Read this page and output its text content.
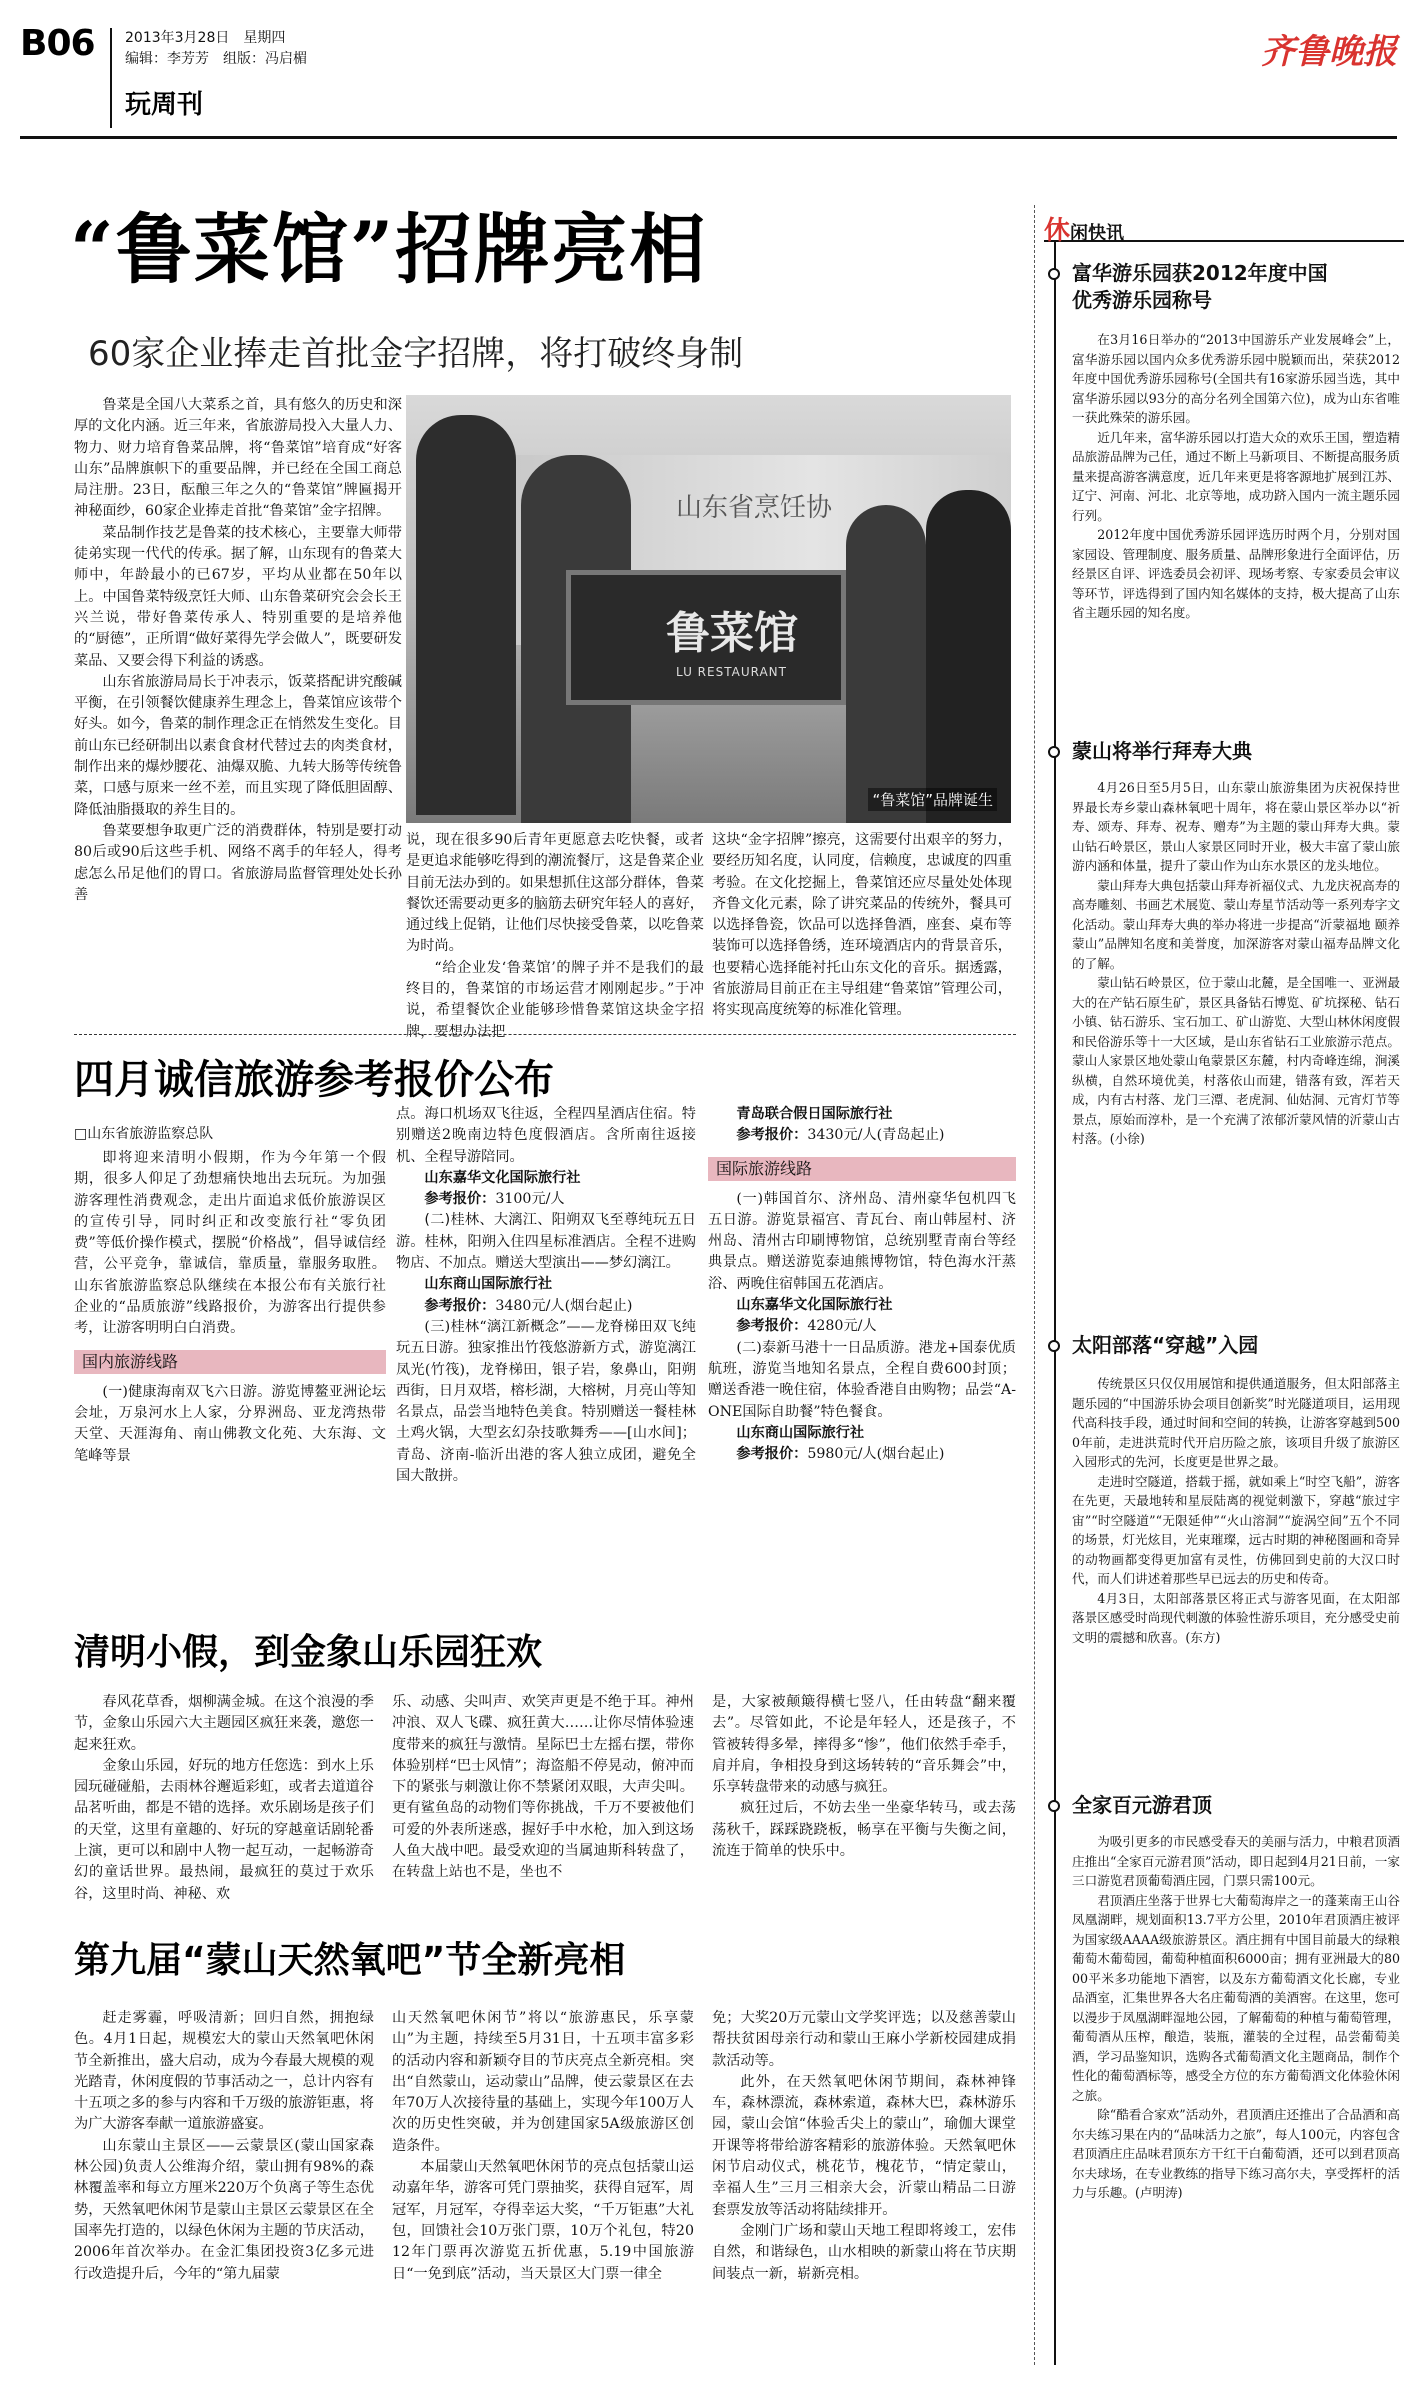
B06 2013年3月28日　星期四
编辑：李芳芳　组版：冯启楣
玩周刊
齐鲁晚报
“鲁菜馆”招牌亮相
60家企业捧走首批金字招牌，将打破终身制

鲁菜是全国八大菜系之首，具有悠久的历史和深厚的文化内涵。近三年来，省旅游局投入大量人力、物力、财力培育鲁菜品牌，将“鲁菜馆”培育成“好客山东”品牌旗帜下的重要品牌，并已经在全国工商总局注册。23日，酝酿三年之久的“鲁菜馆”牌匾揭开神秘面纱，60家企业捧走首批“鲁菜馆”金字招牌。

菜品制作技艺是鲁菜的技术核心，主要靠大师带徒弟实现一代代的传承。据了解，山东现有的鲁菜大师中，年龄最小的已67岁，平均从业都在50年以上。中国鲁菜特级烹饪大师、山东鲁菜研究会会长王兴兰说，带好鲁菜传承人、特别重要的是培养他的“厨德”，正所谓“做好菜得先学会做人”，既要研发菜品、又要会得下利益的诱惑。

山东省旅游局局长于冲表示，饭菜搭配讲究酸碱平衡，在引领餐饮健康养生理念上，鲁菜馆应该带个好头。如今，鲁菜的制作理念正在悄然发生变化。目前山东已经研制出以素食食材代替过去的肉类食材，制作出来的爆炒腰花、油爆双脆、九转大肠等传统鲁菜，口感与原来一丝不差，而且实现了降低胆固醇、降低油脂摄取的养生目的。

鲁菜要想争取更广泛的消费群体，特别是要打动80后或90后这些手机、网络不离手的年轻人，得考虑怎么吊足他们的胃口。省旅游局监督管理处处长孙善

山东省烹饪协
鲁菜馆
LU RESTAURANT
“鲁菜馆”品牌诞生

说，现在很多90后青年更愿意去吃快餐，或者是更追求能够吃得到的潮流餐厅，这是鲁菜企业目前无法办到的。如果想抓住这部分群体，鲁菜餐饮还需要动更多的脑筋去研究年轻人的喜好，通过线上促销，让他们尽快接受鲁菜，以吃鲁菜为时尚。

“给企业发‘鲁菜馆’的牌子并不是我们的最终目的，鲁菜馆的市场运营才刚刚起步。”于冲说，希望餐饮企业能够珍惜鲁菜馆这块金字招牌，要想办法把

这块“金字招牌”擦亮，这需要付出艰辛的努力，要经历知名度，认同度，信赖度，忠诚度的四重考验。在文化挖掘上，鲁菜馆还应尽量处处体现齐鲁文化元素，除了讲究菜品的传统外，餐具可以选择鲁瓷，饮品可以选择鲁酒，座套、桌布等装饰可以选择鲁绣，连环境酒店内的背景音乐，也要精心选择能衬托山东文化的音乐。据透露，省旅游局目前正在主导组建“鲁菜馆”管理公司，将实现高度统筹的标准化管理。

四月诚信旅游参考报价公布
□山东省旅游监察总队

即将迎来清明小假期，作为今年第一个假期，很多人仰足了劲想痛快地出去玩玩。为加强游客理性消费观念，走出片面追求低价旅游误区的宣传引导，同时纠正和改变旅行社“零负团费”等低价操作模式，摆脱“价格战”，倡导诚信经营，公平竞争，靠诚信，靠质量，靠服务取胜。山东省旅游监察总队继续在本报公布有关旅行社企业的“品质旅游”线路报价，为游客出行提供参考，让游客明明白白消费。

国内旅游线路

(一)健康海南双飞六日游。游览博鳌亚洲论坛会址，万泉河水上人家，分界洲岛、亚龙湾热带天堂、天涯海角、南山佛教文化苑、大东海、文笔峰等景

点。海口机场双飞往返，全程四星酒店住宿。特别赠送2晚南边特色度假酒店。含所南往返接机、全程导游陪同。

山东嘉华文化国际旅行社

参考报价：3100元/人

(二)桂林、大漓江、阳朔双飞至尊纯玩五日游。桂林，阳朔入住四星标准酒店。全程不进购物店、不加点。赠送大型演出——梦幻漓江。

山东商山国际旅行社

参考报价：3480元/人(烟台起止)

(三)桂林“漓江新概念”——龙脊梯田双飞纯玩五日游。独家推出竹筏悠游新方式，游览漓江凤光(竹筏)，龙脊梯田，银子岩，象鼻山，阳朔西街，日月双塔，榕杉湖，大榕树，月亮山等知名景点，品尝当地特色美食。特别赠送一餐桂林土鸡火锅，大型玄幻杂技歌舞秀——[山水间]；青岛、济南-临沂出港的客人独立成团，避免全国大散拼。

青岛联合假日国际旅行社

参考报价：3430元/人(青岛起止)

国际旅游线路

(一)韩国首尔、济州岛、清州豪华包机四飞五日游。游览景福宫、青瓦台、南山韩屋村、济州岛、清州古印刷博物馆，总统别墅青南台等经典景点。赠送游览泰迪熊博物馆，特色海水汗蒸浴、两晚住宿韩国五花酒店。

山东嘉华文化国际旅行社

参考报价：4280元/人

(二)泰新马港十一日品质游。港龙+国泰优质航班，游览当地知名景点，全程自费600封顶；赠送香港一晚住宿，体验香港自由购物；品尝“A-ONE国际自助餐”特色餐食。

山东商山国际旅行社

参考报价：5980元/人(烟台起止)

清明小假，到金象山乐园狂欢

春风花草香，烟柳满金城。在这个浪漫的季节，金象山乐园六大主题园区疯狂来袭，邀您一起来狂欢。

金象山乐园，好玩的地方任您选：到水上乐园玩碰碰船，去雨林谷邂逅彩虹，或者去道道谷品茗听曲，都是不错的选择。欢乐剧场是孩子们的天堂，这里有童趣的、好玩的穿越童话剧轮番上演，更可以和剧中人物一起互动，一起畅游奇幻的童话世界。最热闹，最疯狂的莫过于欢乐谷，这里时尚、神秘、欢

乐、动感、尖叫声、欢笑声更是不绝于耳。神州冲浪、双人飞碟、疯狂黄大……让你尽情体验速度带来的疯狂与激情。星际巴士左摇右摆，带你体验别样“巴士风情”；海盗船不停晃动，俯冲而下的紧张与刺激让你不禁紧闭双眼，大声尖叫。更有鲨鱼岛的动物们等你挑战，千万不要被他们可爱的外表所迷惑，握好手中水枪，加入到这场人鱼大战中吧。最受欢迎的当属迪斯科转盘了，在转盘上站也不是，坐也不

是，大家被颠簸得横七竖八，任由转盘“翻来覆去”。尽管如此，不论是年轻人，还是孩子，不管被转得多晕，摔得多“惨”，他们依然手牵手，肩并肩，争相投身到这场转转的“音乐舞会”中，乐享转盘带来的动感与疯狂。

疯狂过后，不妨去坐一坐豪华转马，或去荡荡秋千，踩踩跷跷板，畅享在平衡与失衡之间，流连于简单的快乐中。

第九届“蒙山天然氧吧”节全新亮相

赶走雾霾，呼吸清新；回归自然，拥抱绿色。4月1日起，规模宏大的蒙山天然氧吧休闲节全新推出，盛大启动，成为今春最大规模的观光踏青，休闲度假的节事活动之一，总计内容有十五项之多的参与内容和千万级的旅游钜惠，将为广大游客奉献一道旅游盛宴。

山东蒙山主景区——云蒙景区(蒙山国家森林公园)负责人公维海介绍，蒙山拥有98%的森林覆盖率和每立方厘米220万个负离子等生态优势，天然氧吧休闲节是蒙山主景区云蒙景区在全国率先打造的，以绿色休闲为主题的节庆活动，2006年首次举办。在金汇集团投资3亿多元进行改造提升后，今年的“第九届蒙

山天然氧吧休闲节”将以“旅游惠民，乐享蒙山”为主题，持续至5月31日，十五项丰富多彩的活动内容和新颖夺目的节庆亮点全新亮相。突出“自然蒙山，运动蒙山”品牌，使云蒙景区在去年70万人次接待量的基础上，实现今年100万人次的历史性突破，并为创建国家5A级旅游区创造条件。

本届蒙山天然氧吧休闲节的亮点包括蒙山运动嘉年华，游客可凭门票抽奖，获得自冠军，周冠军，月冠军，夺得幸运大奖，“千万钜惠”大礼包，回馈社会10万张门票，10万个礼包，特2012年门票再次游览五折优惠，5.19中国旅游日“一免到底”活动，当天景区大门票一律全

免；大奖20万元蒙山文学奖评选；以及慈善蒙山帮扶贫困母亲行动和蒙山王麻小学新校园建成捐款活动等。

此外，在天然氧吧休闲节期间，森林神锋车，森林漂流，森林索道，森林大巴，森林游乐园，蒙山会馆“体验舌尖上的蒙山”，瑜伽大课堂开课等将带给游客精彩的旅游体验。天然氧吧休闲节启动仪式，桃花节，槐花节，“情定蒙山，幸福人生”三月三相亲大会，沂蒙山精品二日游套票发放等活动将陆续排开。

金刚门广场和蒙山天地工程即将竣工，宏伟自然，和谐绿色，山水相映的新蒙山将在节庆期间装点一新，崭新亮相。

休闲快讯
富华游乐园获2012年度中国优秀游乐园称号

在3月16日举办的“2013中国游乐产业发展峰会”上，富华游乐园以国内众多优秀游乐园中脱颖而出，荣获2012年度中国优秀游乐园称号(全国共有16家游乐园当选，其中富华游乐园以93分的高分名列全国第六位)，成为山东省唯一获此殊荣的游乐园。

近几年来，富华游乐园以打造大众的欢乐王国，塑造精品旅游品牌为己任，通过不断上马新项目、不断提高服务质量来提高游客满意度，近几年来更是将客源地扩展到江苏、辽宁、河南、河北、北京等地，成功跻入国内一流主题乐园行列。

2012年度中国优秀游乐园评选历时两个月，分别对国家园设、管理制度、服务质量、品牌形象进行全面评估，历经景区自评、评选委员会初评、现场考察、专家委员会审议等环节，评选得到了国内知名媒体的支持，极大提高了山东省主题乐园的知名度。

蒙山将举行拜寿大典

4月26日至5月5日，山东蒙山旅游集团为庆祝保持世界最长寿乡蒙山森林氧吧十周年，将在蒙山景区举办以“祈寿、颂寿、拜寿、祝寿、赠寿”为主题的蒙山拜寿大典。蒙山钻石岭景区，景山人家景区同时开业，极大丰富了蒙山旅游内涵和体量，提升了蒙山作为山东水景区的龙头地位。

蒙山拜寿大典包括蒙山拜寿祈福仪式、九龙庆祝高寿的高寿雕刻、书画艺术展览、蒙山寿星节活动等一系列寿字文化活动。蒙山拜寿大典的举办将进一步提高“沂蒙福地 颐养蒙山”品牌知名度和美誉度，加深游客对蒙山福寿品牌文化的了解。

蒙山钻石岭景区，位于蒙山北麓，是全国唯一、亚洲最大的在产钻石原生矿，景区具备钻石博览、矿坑探秘、钻石小镇、钻石游乐、宝石加工、矿山游览、大型山林休闲度假和民俗游乐等十一大区域，是山东省钻石工业旅游示范点。蒙山人家景区地处蒙山龟蒙景区东麓，村内奇峰连绵，涧溪纵横，自然环境优美，村落依山而建，错落有致，浑若天成，内有古村落、龙门三潭、老虎洞、仙姑洞、元宵灯节等景点，原始而淳朴，是一个充满了浓郁沂蒙风情的沂蒙山古村落。(小徐)

太阳部落“穿越”入园

传统景区只仅仅用展馆和提供通道服务，但太阳部落主题乐园的“中国游乐协会项目创新奖”时光隧道项目，运用现代高科技手段，通过时间和空间的转换，让游客穿越到5000年前，走进洪荒时代开启历险之旅，该项目升级了旅游区入园形式的先河，长度更是世界之最。

走进时空隧道，搭载于摇，就如乘上“时空飞船”，游客在先更，天最地转和星辰陆离的视觉刺激下，穿越“旅过宇宙”“时空隧道”“无限延伸”“火山溶洞”“旋涡空间”五个不同的场景，灯光炫目，光束璀璨，远古时期的神秘图画和奇异的动物画都变得更加富有灵性，仿佛回到史前的大汉口时代，而人们讲述着那些早已远去的历史和传奇。

4月3日，太阳部落景区将正式与游客见面，在太阳部落景区感受时尚现代刺激的体验性游乐项目，充分感受史前文明的震撼和欣喜。(东方)

全家百元游君顶

为吸引更多的市民感受春天的美丽与活力，中粮君顶酒庄推出“全家百元游君顶”活动，即日起到4月21日前，一家三口游览君顶葡萄酒庄园，门票只需100元。

君顶酒庄坐落于世界七大葡萄海岸之一的蓬莱南王山谷凤凰湖畔，规划面积13.7平方公里，2010年君顶酒庄被评为国家级AAAA级旅游景区。酒庄拥有中国目前最大的绿粮葡萄木葡萄园，葡萄种植面积6000亩；拥有亚洲最大的8000平米多功能地下酒窖，以及东方葡萄酒文化长廊，专业品酒室，汇集世界各大名庄葡萄酒的美酒窖。在这里，您可以漫步于凤凰湖畔湿地公园，了解葡萄的种植与葡萄管理，葡萄酒从压榨，酿造，装瓶，灌装的全过程，品尝葡萄美酒，学习品鉴知识，选购各式葡萄酒文化主题商品，制作个性化的葡萄酒标等，感受全方位的东方葡萄酒文化体验休闲之旅。

除“酷看合家欢”活动外，君顶酒庄还推出了合品酒和高尔夫练习果在内的“品味活力之旅”，每人100元，内容包含君顶酒庄庄品味君顶东方干红干白葡萄酒，还可以到君顶高尔夫球场，在专业教练的指导下练习高尔夫，享受挥杆的活力与乐趣。(卢明涛)
